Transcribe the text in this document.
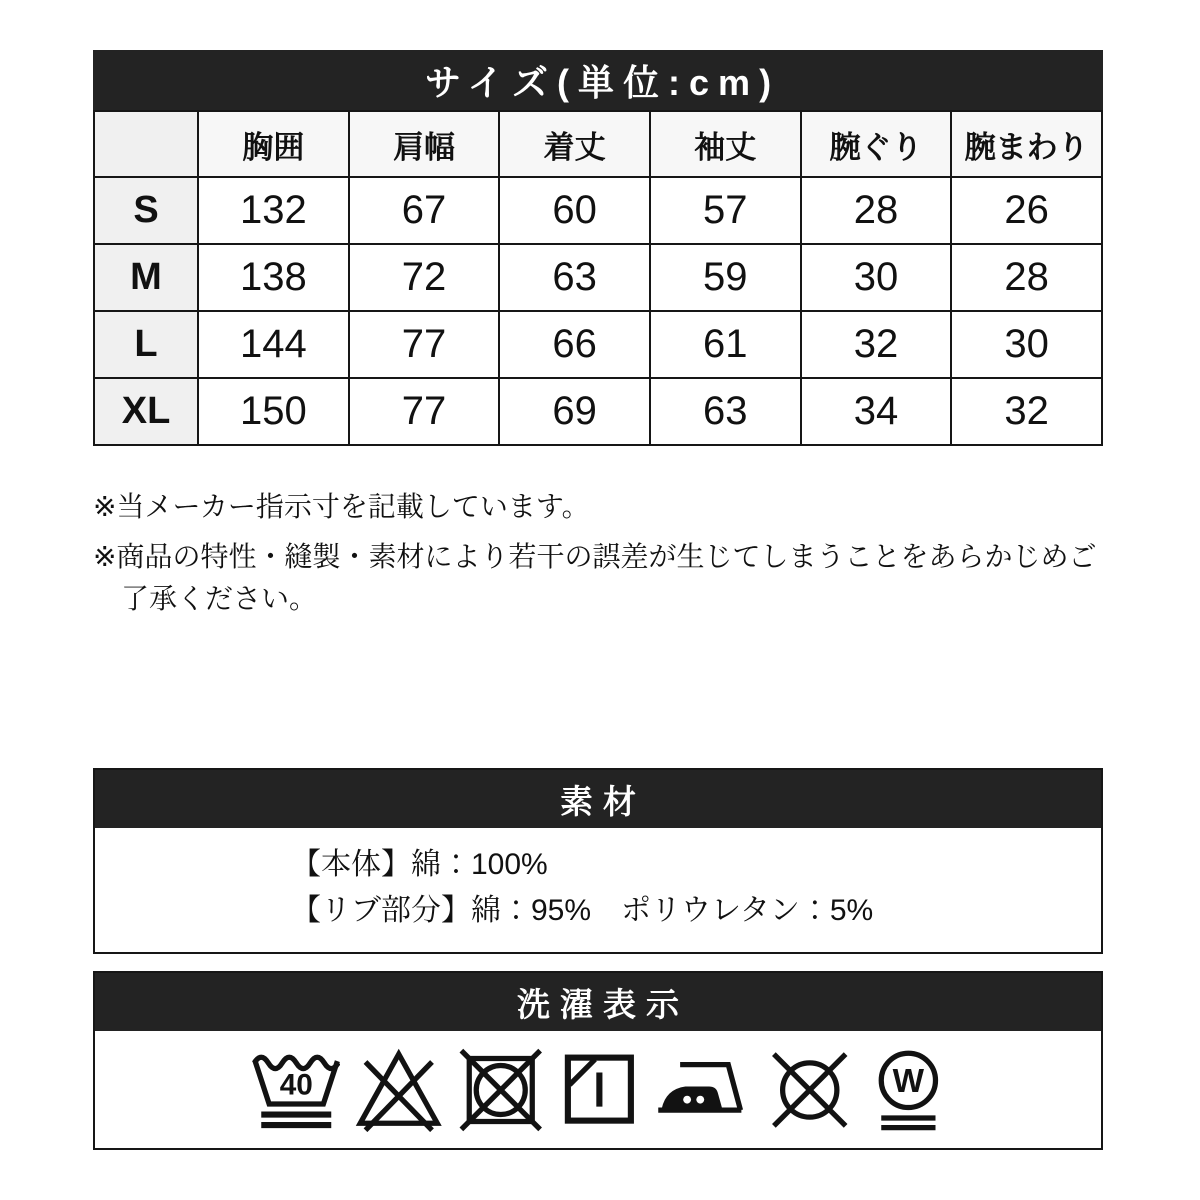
サイズ(単位:cm)
	胸囲	肩幅	着丈	袖丈	腕ぐり	腕まわり
S	132	67	60	57	28	26
M	138	72	63	59	30	28
L	144	77	66	61	32	30
XL	150	77	69	63	34	32

※当メーカー指示寸を記載しています。

※商品の特性・縫製・素材により若干の誤差が生じてしまうことをあらかじめご了承ください。

素材

【本体】綿：100%

【リブ部分】綿：95%　ポリウレタン：5%

洗濯表示
40	W
